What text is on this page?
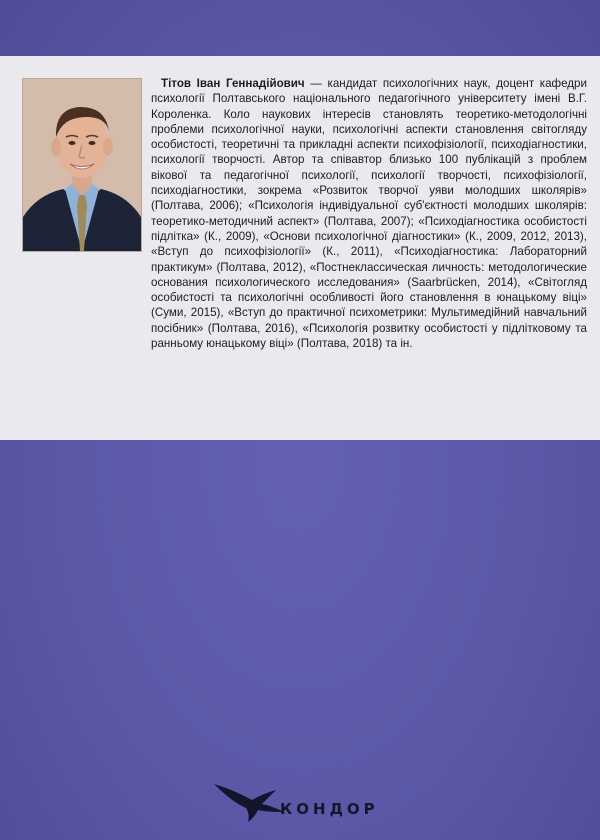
Тітов Іван Геннадійович — кандидат психологічних наук, доцент кафедри психології Полтавського національного педагогічного університету імені В.Г. Короленка. Коло наукових інтересів становлять теоретико-методологічні проблеми психологічної науки, психологічні аспекти становлення світогляду особистості, теоретичні та прикладні аспекти психофізіології, психодіагностики, психології творчості. Автор та співавтор близько 100 публікацій з проблем вікової та педагогічної психології, психології творчості, психофізіології, психодіагностики, зокрема «Розвиток творчої уяви молодших школярів» (Полтава, 2006); «Психологія індивідуальної суб'єктності молодших школярів: теоретико-методичний аспект» (Полтава, 2007); «Психодіагностика особистості підлітка» (К., 2009), «Основи психологічної діагностики» (К., 2009, 2012, 2013), «Вступ до психофізіології» (К., 2011), «Психодіагностика: Лабораторний практикум» (Полтава, 2012), «Постнеклассическая личность: методологические основания психологического исследования» (Saarbrücken, 2014), «Світогляд особистості та психологічні особливості його становлення в юнацькому віці» (Суми, 2015), «Вступ до практичної психометрики: Мультимедійний навчальний посібник» (Полтава, 2016), «Психологія розвитку особистості у підлітковому та ранньому юнацькому віці» (Полтава, 2018) та ін.

КОНДОР
